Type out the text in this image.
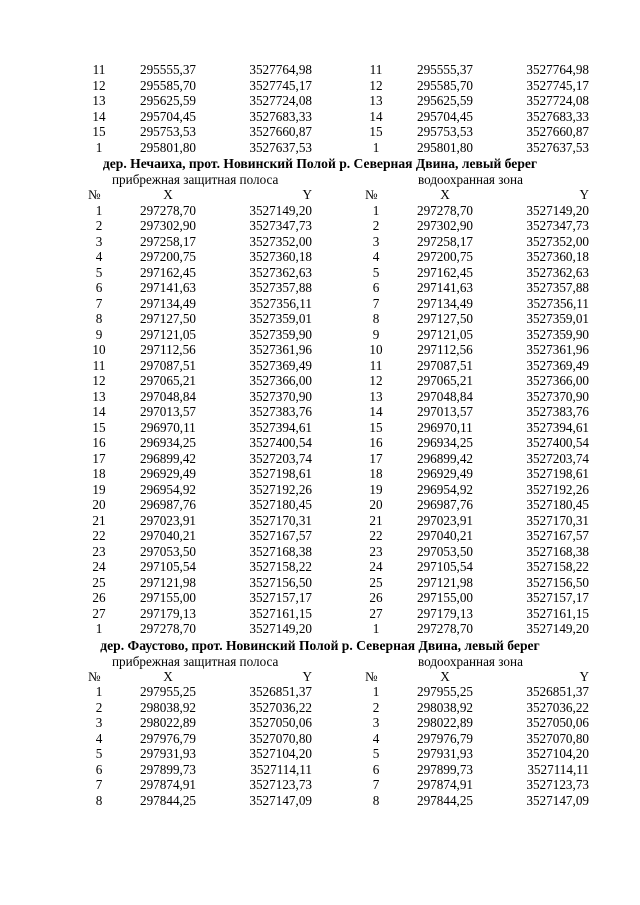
11	295555,37	3527764,98
12	295585,70	3527745,17
13	295625,59	3527724,08
14	295704,45	3527683,33
15	295753,53	3527660,87
1	295801,80	3527637,53
11	295555,37	3527764,98
12	295585,70	3527745,17
13	295625,59	3527724,08
14	295704,45	3527683,33
15	295753,53	3527660,87
1	295801,80	3527637,53
дер. Нечаиха, прот. Новинский Полой р. Северная Двина, левый берег
прибрежная защитная полоса	водоохранная зона
№	X	Y
1	297278,70	3527149,20
2	297302,90	3527347,73
3	297258,17	3527352,00
4	297200,75	3527360,18
5	297162,45	3527362,63
6	297141,63	3527357,88
7	297134,49	3527356,11
8	297127,50	3527359,01
9	297121,05	3527359,90
10	297112,56	3527361,96
11	297087,51	3527369,49
12	297065,21	3527366,00
13	297048,84	3527370,90
14	297013,57	3527383,76
15	296970,11	3527394,61
16	296934,25	3527400,54
17	296899,42	3527203,74
18	296929,49	3527198,61
19	296954,92	3527192,26
20	296987,76	3527180,45
21	297023,91	3527170,31
22	297040,21	3527167,57
23	297053,50	3527168,38
24	297105,54	3527158,22
25	297121,98	3527156,50
26	297155,00	3527157,17
27	297179,13	3527161,15
1	297278,70	3527149,20
№	X	Y
1	297278,70	3527149,20
2	297302,90	3527347,73
3	297258,17	3527352,00
4	297200,75	3527360,18
5	297162,45	3527362,63
6	297141,63	3527357,88
7	297134,49	3527356,11
8	297127,50	3527359,01
9	297121,05	3527359,90
10	297112,56	3527361,96
11	297087,51	3527369,49
12	297065,21	3527366,00
13	297048,84	3527370,90
14	297013,57	3527383,76
15	296970,11	3527394,61
16	296934,25	3527400,54
17	296899,42	3527203,74
18	296929,49	3527198,61
19	296954,92	3527192,26
20	296987,76	3527180,45
21	297023,91	3527170,31
22	297040,21	3527167,57
23	297053,50	3527168,38
24	297105,54	3527158,22
25	297121,98	3527156,50
26	297155,00	3527157,17
27	297179,13	3527161,15
1	297278,70	3527149,20
дер. Фаустово, прот. Новинский Полой р. Северная Двина, левый берег
прибрежная защитная полоса	водоохранная зона
№	X	Y
1	297955,25	3526851,37
2	298038,92	3527036,22
3	298022,89	3527050,06
4	297976,79	3527070,80
5	297931,93	3527104,20
6	297899,73	3527114,11
7	297874,91	3527123,73
8	297844,25	3527147,09
№	X	Y
1	297955,25	3526851,37
2	298038,92	3527036,22
3	298022,89	3527050,06
4	297976,79	3527070,80
5	297931,93	3527104,20
6	297899,73	3527114,11
7	297874,91	3527123,73
8	297844,25	3527147,09
